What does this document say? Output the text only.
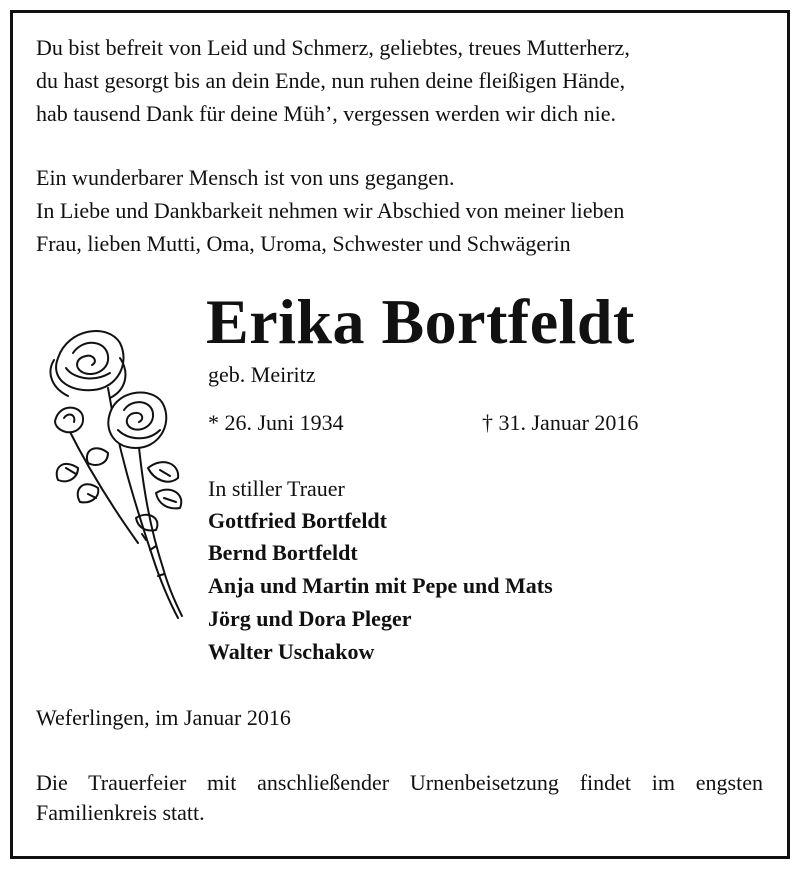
Du bist befreit von Leid und Schmerz, geliebtes, treues Mutterherz,

du hast gesorgt bis an dein Ende, nun ruhen deine fleißigen Hände,

hab tausend Dank für deine Müh’, vergessen werden wir dich nie.

Ein wunderbarer Mensch ist von uns gegangen.

In Liebe und Dankbarkeit nehmen wir Abschied von meiner lieben

Frau, lieben Mutti, Oma, Uroma, Schwester und Schwägerin

Erika Bortfeldt

geb. Meiritz

* 26. Juni 1934	† 31. Januar 2016

In stiller Trauer

Gottfried Bortfeldt

Bernd Bortfeldt

Anja und Martin mit Pepe und Mats

Jörg und Dora Pleger

Walter Uschakow

Weferlingen, im Januar 2016

Die Trauerfeier mit anschließender Urnenbeisetzung findet im engsten Familienkreis statt.
